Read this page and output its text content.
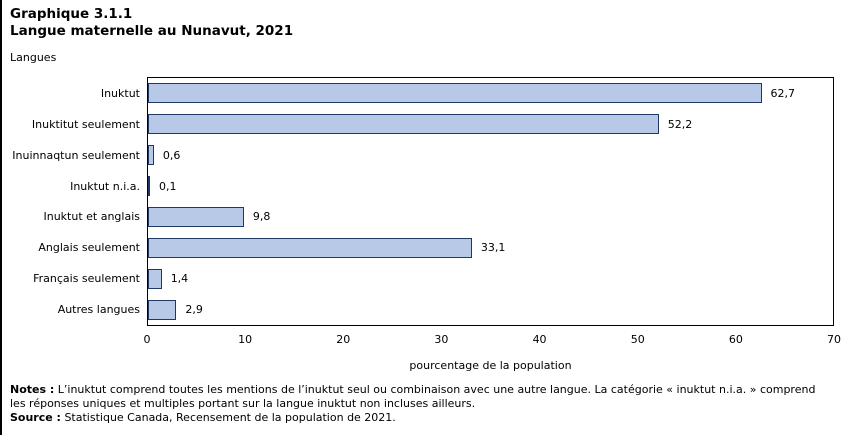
Graphique 3.1.1
Langue maternelle au Nunavut, 2021
Langues
Inuktut	62,7
Inuktitut seulement	52,2
Inuinnaqtun seulement 0,6
Inuktut n.i.a. 0,1
Inuktut et anglais	9,8
Anglais seulement	33,1
Français seulement	1,4
Autres langues	2,9
0	10	20	30	40	50	60	70
pourcentage de la population
Notes : L’inuktut comprend toutes les mentions de l’inuktut seul ou combinaison avec une autre langue. La catégorie « inuktut n.i.a. » comprend
les réponses uniques et multiples portant sur la langue inuktut non incluses ailleurs.
Source : Statistique Canada, Recensement de la population de 2021.
